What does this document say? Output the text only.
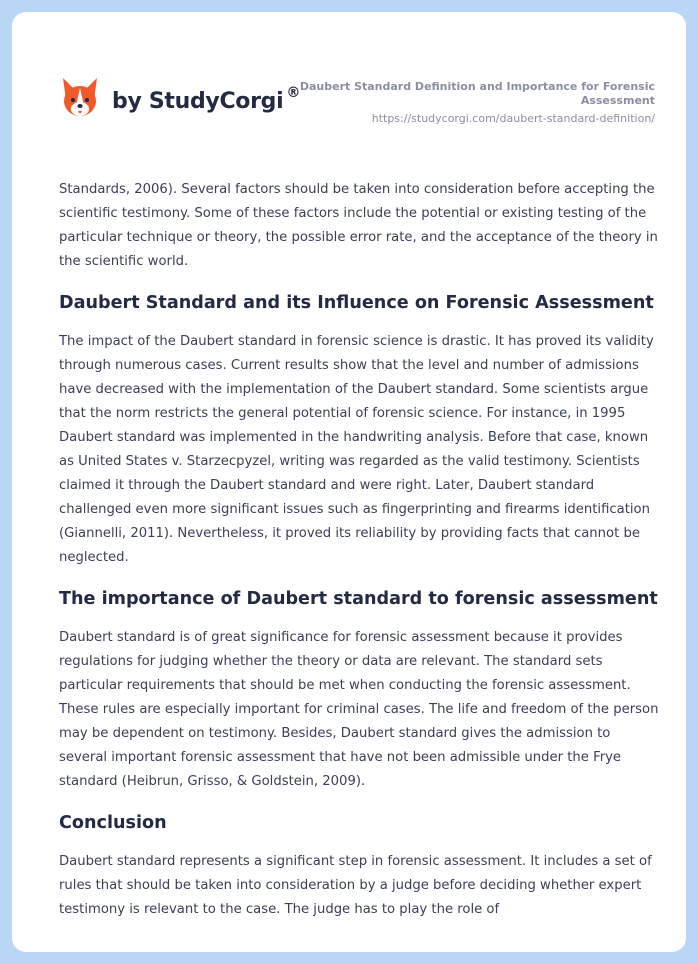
by StudyCorgi ® Daubert Standard Definition and Importance for Forensic Assessment
https://studycorgi.com/daubert-standard-definition/

Standards, 2006). Several factors should be taken into consideration before accepting the scientific testimony. Some of these factors include the potential or existing testing of the particular technique or theory, the possible error rate, and the acceptance of the theory in the scientific world.

Daubert Standard and its Influence on Forensic Assessment

The impact of the Daubert standard in forensic science is drastic. It has proved its validity through numerous cases. Current results show that the level and number of admissions have decreased with the implementation of the Daubert standard. Some scientists argue that the norm restricts the general potential of forensic science. For instance, in 1995 Daubert standard was implemented in the handwriting analysis. Before that case, known as United States v. Starzecpyzel, writing was regarded as the valid testimony. Scientists claimed it through the Daubert standard and were right. Later, Daubert standard challenged even more significant issues such as fingerprinting and firearms identification (Giannelli, 2011). Nevertheless, it proved its reliability by providing facts that cannot be neglected.

The importance of Daubert standard to forensic assessment

Daubert standard is of great significance for forensic assessment because it provides regulations for judging whether the theory or data are relevant. The standard sets particular requirements that should be met when conducting the forensic assessment. These rules are especially important for criminal cases. The life and freedom of the person may be dependent on testimony. Besides, Daubert standard gives the admission to several important forensic assessment that have not been admissible under the Frye standard (Heibrun, Grisso, & Goldstein, 2009).

Conclusion

Daubert standard represents a significant step in forensic assessment. It includes a set of rules that should be taken into consideration by a judge before deciding whether expert testimony is relevant to the case. The judge has to play the role of
